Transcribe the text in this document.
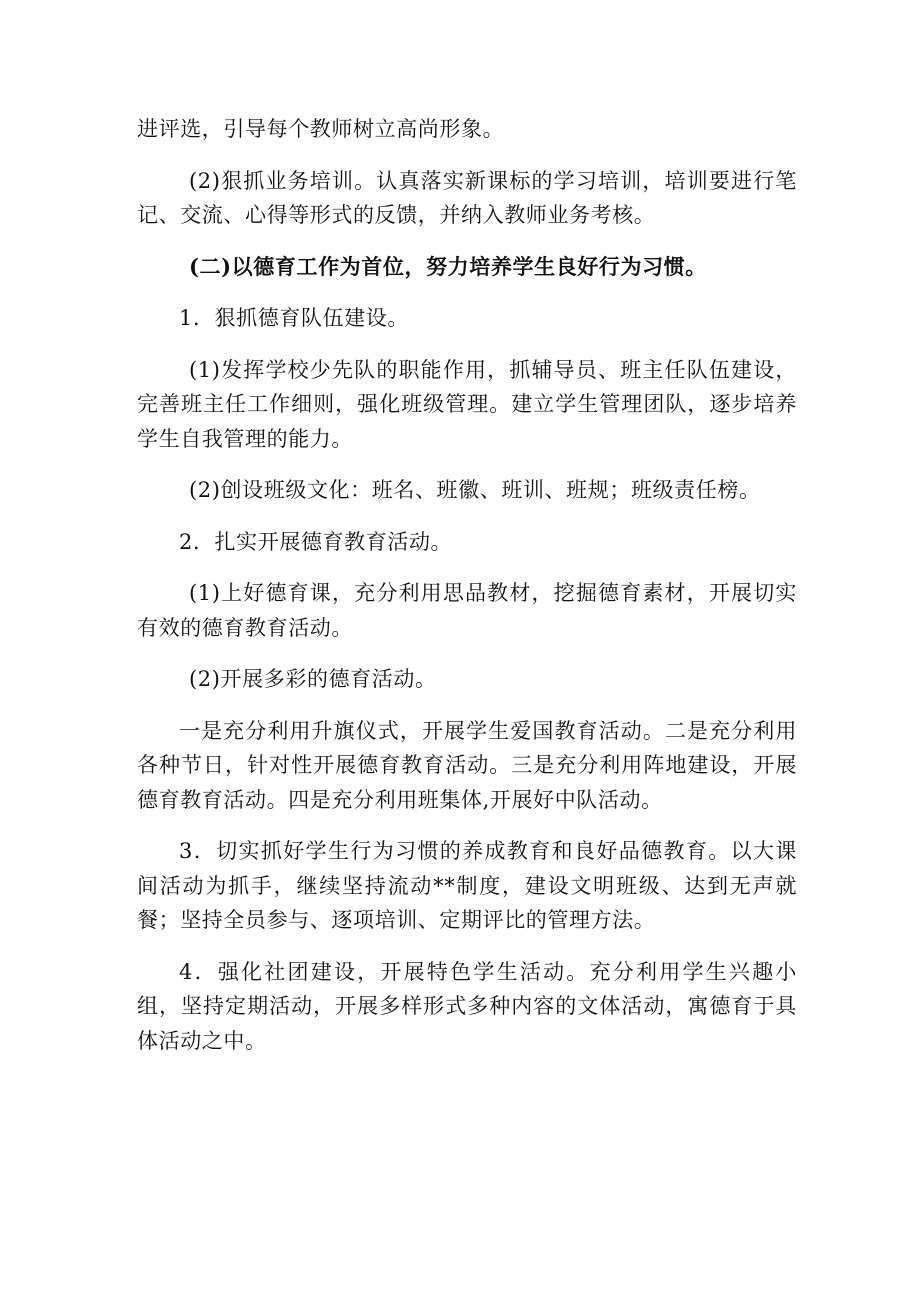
进评选，引导每个教师树立高尚形象。

(2)狠抓业务培训。认真落实新课标的学习培训，培训要进行笔记、交流、心得等形式的反馈，并纳入教师业务考核。

(二)以德育工作为首位，努力培养学生良好行为习惯。

1．狠抓德育队伍建设。

(1)发挥学校少先队的职能作用，抓辅导员、班主任队伍建设，完善班主任工作细则，强化班级管理。建立学生管理团队，逐步培养学生自我管理的能力。

(2)创设班级文化：班名、班徽、班训、班规；班级责任榜。

2．扎实开展德育教育活动。

(1)上好德育课，充分利用思品教材，挖掘德育素材，开展切实有效的德育教育活动。

(2)开展多彩的德育活动。

一是充分利用升旗仪式，开展学生爱国教育活动。二是充分利用各种节日，针对性开展德育教育活动。三是充分利用阵地建设，开展德育教育活动。四是充分利用班集体,开展好中队活动。

3．切实抓好学生行为习惯的养成教育和良好品德教育。以大课间活动为抓手，继续坚持流动**制度，建设文明班级、达到无声就餐；坚持全员参与、逐项培训、定期评比的管理方法。

4．强化社团建设，开展特色学生活动。充分利用学生兴趣小组，坚持定期活动，开展多样形式多种内容的文体活动，寓德育于具体活动之中。
